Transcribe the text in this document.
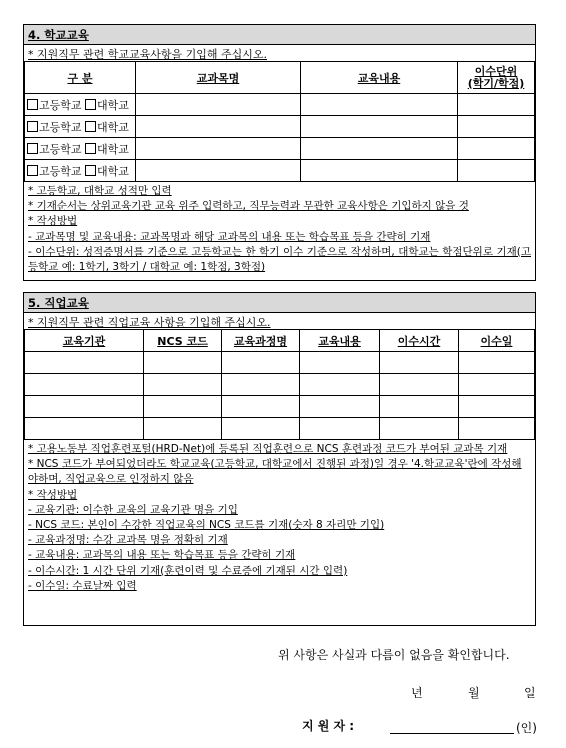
4. 학교교육
* 지원직무 관련 학교교육사항을 기입해 주십시오.
구 분	교과목명	교육내용	이수단위
(학기/학점)
고등학교 대학교			
고등학교 대학교			
고등학교 대학교			
고등학교 대학교			
* 고등학교, 대학교 성적만 입력
* 기재순서는 상위교육기관 교육 위주 입력하고, 직무능력과 무관한 교육사항은 기입하지 않을 것
* 작성방법
- 교과목명 및 교육내용: 교과목명과 해당 교과목의 내용 또는 학습목표 등을 간략히 기재
- 이수단위: 성적증명서를 기준으로 고등학교는 한 학기 이수 기준으로 작성하며, 대학교는 학점단위로 기재(고등학교 예: 1학기, 3학기 / 대학교 예: 1학점, 3학점)
5. 직업교육
* 지원직무 관련 직업교육 사항을 기입해 주십시오.
교육기관	NCS 코드	교육과정명	교육내용	이수시간	이수일

* 고용노동부 직업훈련포털(HRD-Net)에 등록된 직업훈련으로 NCS 훈련과정 코드가 부여된 교과목 기재
* NCS 코드가 부여되었더라도 학교교육(고등학교, 대학교에서 진행된 과정)일 경우 '4.학교교육'란에 작성해야하며, 직업교육으로 인정하지 않음
* 작성방법
- 교육기관: 이수한 교육의 교육기관 명을 기입
- NCS 코드: 본인이 수강한 직업교육의 NCS 코드를 기재(숫자 8 자리만 기입)
- 교육과정명: 수강 교과목 명을 정확히 기재
- 교육내용: 교과목의 내용 또는 학습목표 등을 간략히 기재
- 이수시간: 1 시간 단위 기재(훈련이력 및 수료증에 기재된 시간 입력)
- 이수일: 수료날짜 입력
위 사항은 사실과 다름이 없음을 확인합니다.
년	월	일
지 원 자 :	(인)
